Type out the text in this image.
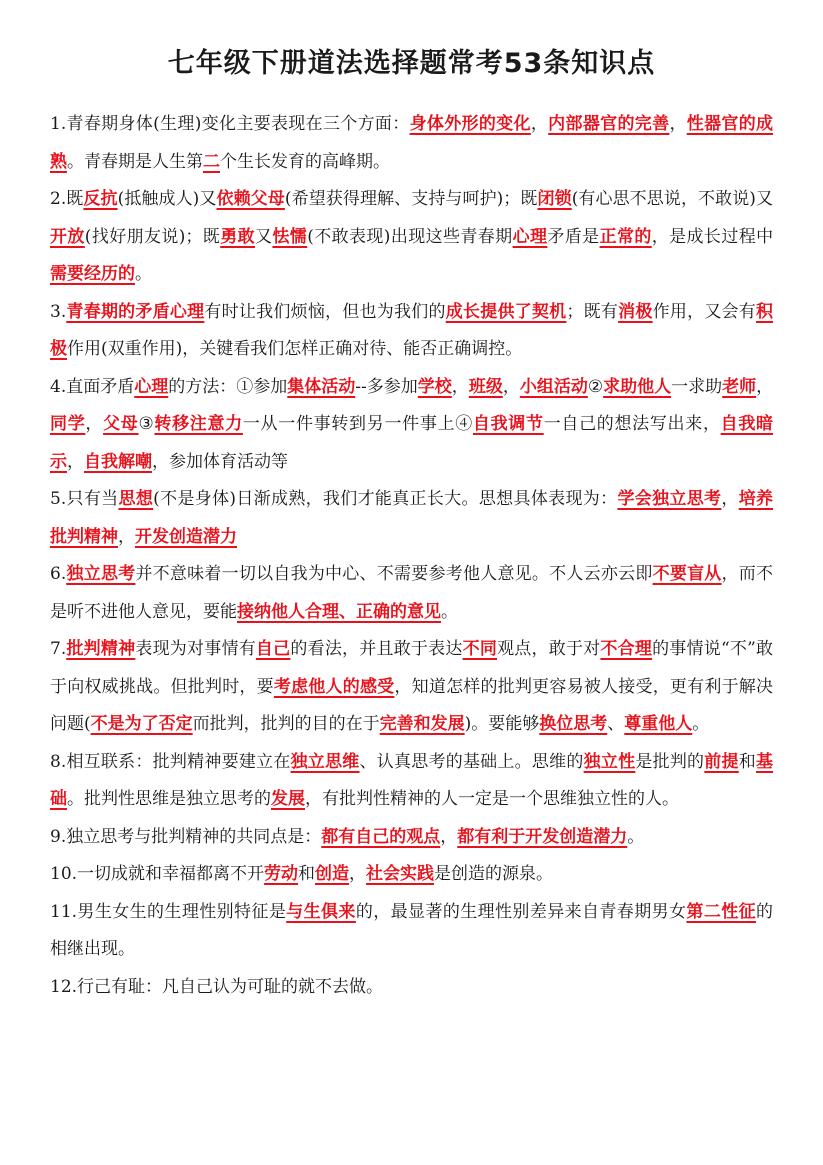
七年级下册道法选择题常考53条知识点

1.青春期身体(生理)变化主要表现在三个方面：身体外形的变化，内部器官的完善，性器官的成熟。青春期是人生第二个生长发育的高峰期。

2.既反抗(抵触成人)又依赖父母(希望获得理解、支持与呵护)；既闭锁(有心思不思说，不敢说)又开放(找好朋友说)；既勇敢又怯懦(不敢表现)出现这些青春期心理矛盾是正常的，是成长过程中需要经历的。

3.青春期的矛盾心理有时让我们烦恼，但也为我们的成长提供了契机；既有消极作用，又会有积极作用(双重作用)，关键看我们怎样正确对待、能否正确调控。

4.直面矛盾心理的方法：①参加集体活动--多参加学校，班级，小组活动②求助他人一求助老师，同学，父母③转移注意力一从一件事转到另一件事上④自我调节一自己的想法写出来，自我暗示，自我解嘲，参加体育活动等

5.只有当思想(不是身体)日渐成熟，我们才能真正长大。思想具体表现为：学会独立思考，培养批判精神，开发创造潜力

6.独立思考并不意味着一切以自我为中心、不需要参考他人意见。不人云亦云即不要盲从，而不是听不进他人意见，要能接纳他人合理、正确的意见。

7.批判精神表现为对事情有自己的看法，并且敢于表达不同观点，敢于对不合理的事情说“不”敢于向权威挑战。但批判时，要考虑他人的感受，知道怎样的批判更容易被人接受，更有利于解决问题(不是为了否定而批判，批判的目的在于完善和发展)。要能够换位思考、尊重他人。

8.相互联系：批判精神要建立在独立思维、认真思考的基础上。思维的独立性是批判的前提和基础。批判性思维是独立思考的发展，有批判性精神的人一定是一个思维独立性的人。

9.独立思考与批判精神的共同点是：都有自己的观点，都有利于开发创造潜力。

10.一切成就和幸福都离不开劳动和创造，社会实践是创造的源泉。

11.男生女生的生理性别特征是与生俱来的，最显著的生理性别差异来自青春期男女第二性征的相继出现。

12.行己有耻：凡自己认为可耻的就不去做。
